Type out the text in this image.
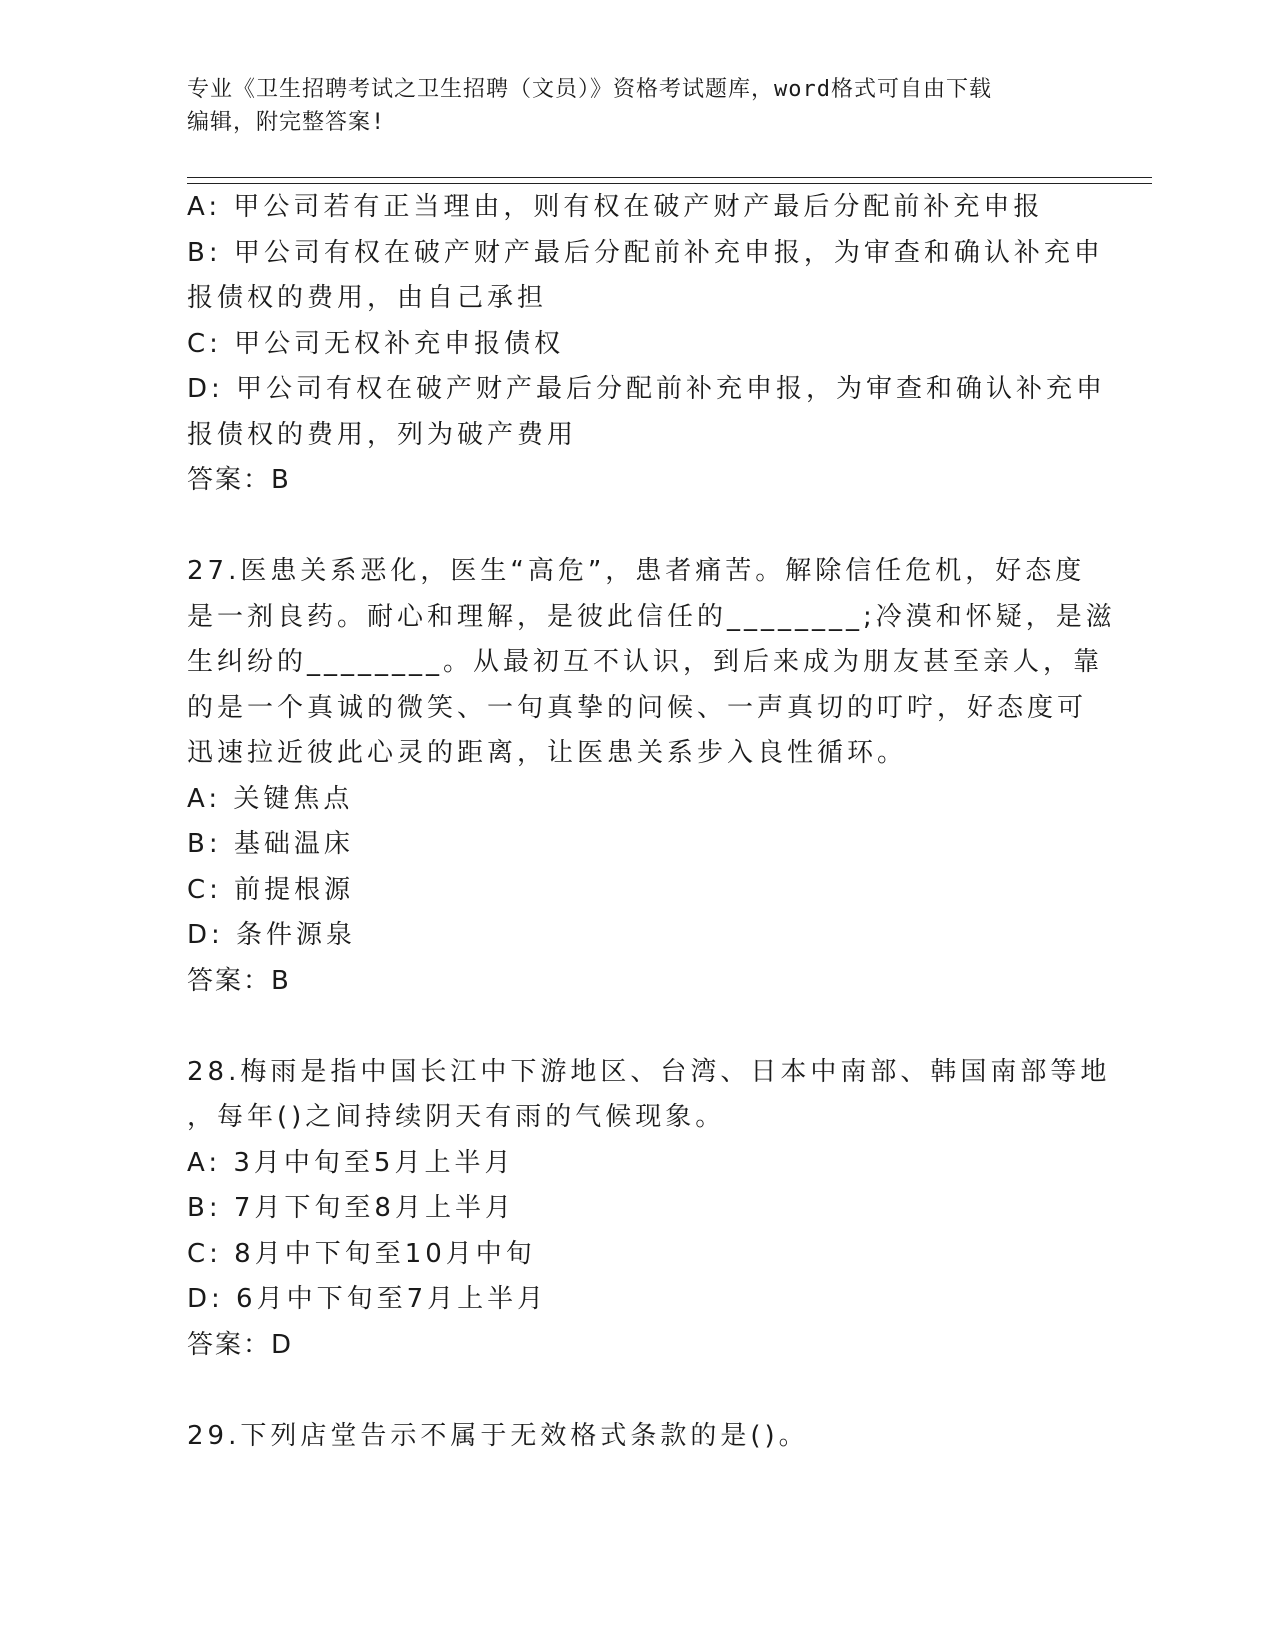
专业《卫生招聘考试之卫生招聘（文员）》资格考试题库，word格式可自由下载
编辑，附完整答案!
A: 甲公司若有正当理由，则有权在破产财产最后分配前补充申报
B: 甲公司有权在破产财产最后分配前补充申报，为审查和确认补充申
报债权的费用，由自己承担
C: 甲公司无权补充申报债权
D: 甲公司有权在破产财产最后分配前补充申报，为审查和确认补充申
报债权的费用，列为破产费用
答案：B
27.医患关系恶化，医生“高危”，患者痛苦。解除信任危机，好态度
是一剂良药。耐心和理解，是彼此信任的________;冷漠和怀疑，是滋
生纠纷的________。从最初互不认识，到后来成为朋友甚至亲人，靠
的是一个真诚的微笑、一句真挚的问候、一声真切的叮咛，好态度可
迅速拉近彼此心灵的距离，让医患关系步入良性循环。
A: 关键焦点
B: 基础温床
C: 前提根源
D: 条件源泉
答案：B
28.梅雨是指中国长江中下游地区、台湾、日本中南部、韩国南部等地
，每年()之间持续阴天有雨的气候现象。
A: 3月中旬至5月上半月
B: 7月下旬至8月上半月
C: 8月中下旬至10月中旬
D: 6月中下旬至7月上半月
答案：D
29.下列店堂告示不属于无效格式条款的是()。
